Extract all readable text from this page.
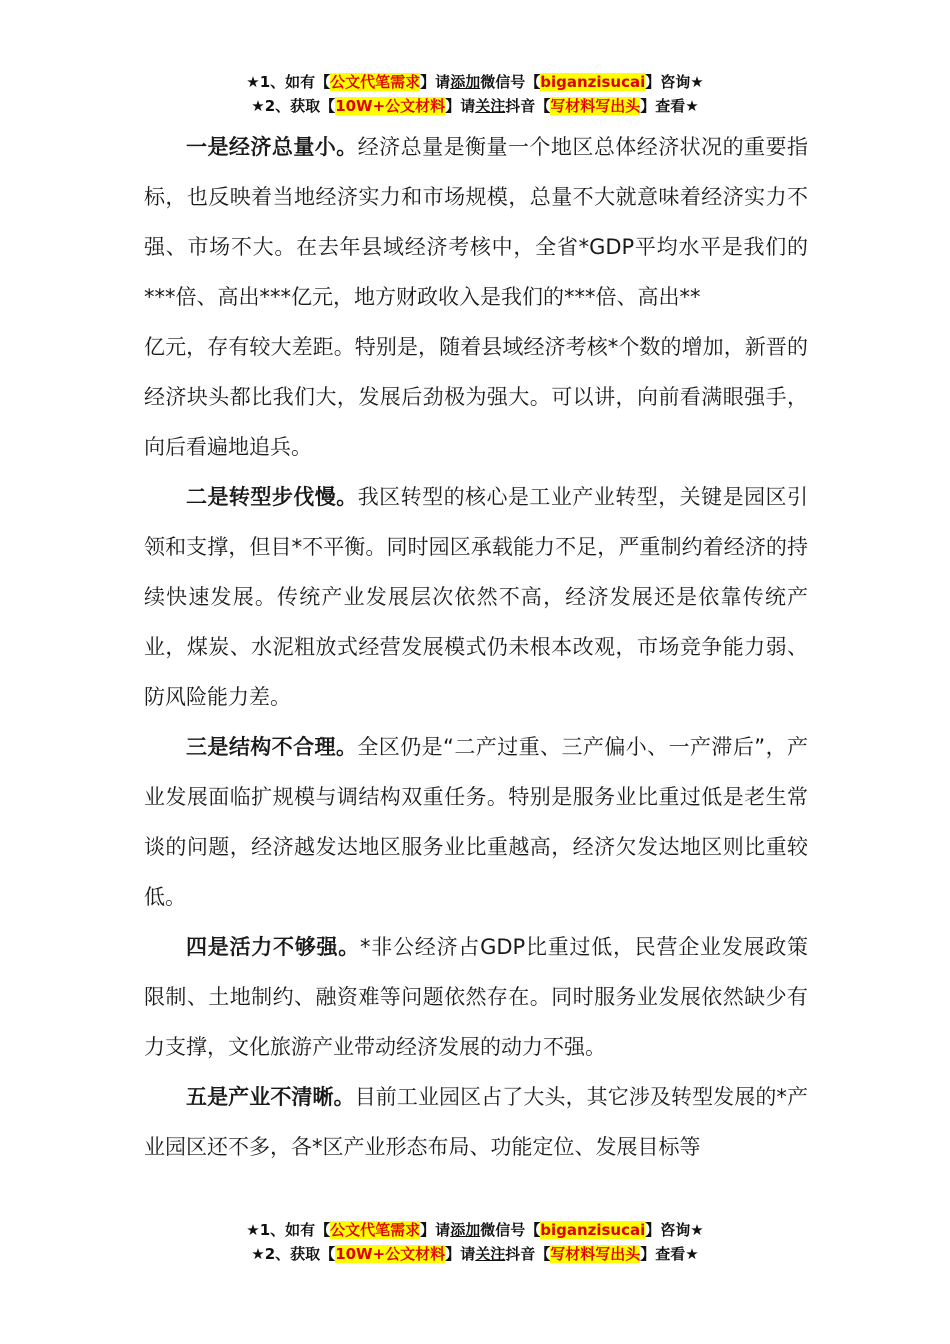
★1、如有【公文代笔需求】请添加微信号【biganzisucai】咨询★
★2、获取【10W+公文材料】请关注抖音【写材料写出头】查看★

一是经济总量小。经济总量是衡量一个地区总体经济状况的重要指标，也反映着当地经济实力和市场规模，总量不大就意味着经济实力不强、市场不大。在去年县域经济考核中，全省*GDP平均水平是我们的***倍、高出***亿元，地方财政收入是我们的***倍、高出**

亿元，存有较大差距。特别是，随着县域经济考核*个数的增加，新晋的经济块头都比我们大，发展后劲极为强大。可以讲，向前看满眼强手，向后看遍地追兵。

二是转型步伐慢。我区转型的核心是工业产业转型，关键是园区引领和支撑，但目*不平衡。同时园区承载能力不足，严重制约着经济的持续快速发展。传统产业发展层次依然不高，经济发展还是依靠传统产业，煤炭、水泥粗放式经营发展模式仍未根本改观，市场竞争能力弱、防风险能力差。

三是结构不合理。全区仍是“二产过重、三产偏小、一产滞后”，产业发展面临扩规模与调结构双重任务。特别是服务业比重过低是老生常谈的问题，经济越发达地区服务业比重越高，经济欠发达地区则比重较低。

四是活力不够强。*非公经济占GDP比重过低，民营企业发展政策限制、土地制约、融资难等问题依然存在。同时服务业发展依然缺少有力支撑，文化旅游产业带动经济发展的动力不强。

五是产业不清晰。目前工业园区占了大头，其它涉及转型发展的*产业园区还不多，各*区产业形态布局、功能定位、发展目标等

★1、如有【公文代笔需求】请添加微信号【biganzisucai】咨询★
★2、获取【10W+公文材料】请关注抖音【写材料写出头】查看★
